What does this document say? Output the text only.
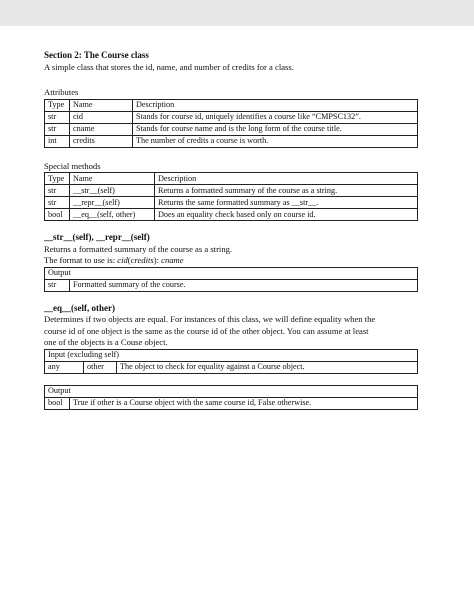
Section 2: The Course class

A simple class that stores the id, name, and number of credits for a class.

Attributes

Type	Name	Description
str	cid	Stands for course id, uniquely identifies a course like “CMPSC132”.
str	cname	Stands for course name and is the long form of the course title.
int	credits	The number of credits a course is worth.

Special methods

Type	Name	Description
str	__str__(self)	Returns a formatted summary of the course as a string.
str	__repr__(self)	Returns the same formatted summary as __str__.
bool	__eq__(self, other)	Does an equality check based only on course id.

__str__(self), __repr__(self)

Returns a formatted summary of the course as a string.

The format to use is: cid(credits): cname

Output
str	Formatted summary of the course.

__eq__(self, other)

Determines if two objects are equal. For instances of this class, we will define equality when the

course id of one object is the same as the course id of the other object. You can assume at least

one of the objects is a Couse object.

Input (excluding self)
any	other	The object to check for equality against a Course object.
Output
bool	True if other is a Course object with the same course id, False otherwise.
